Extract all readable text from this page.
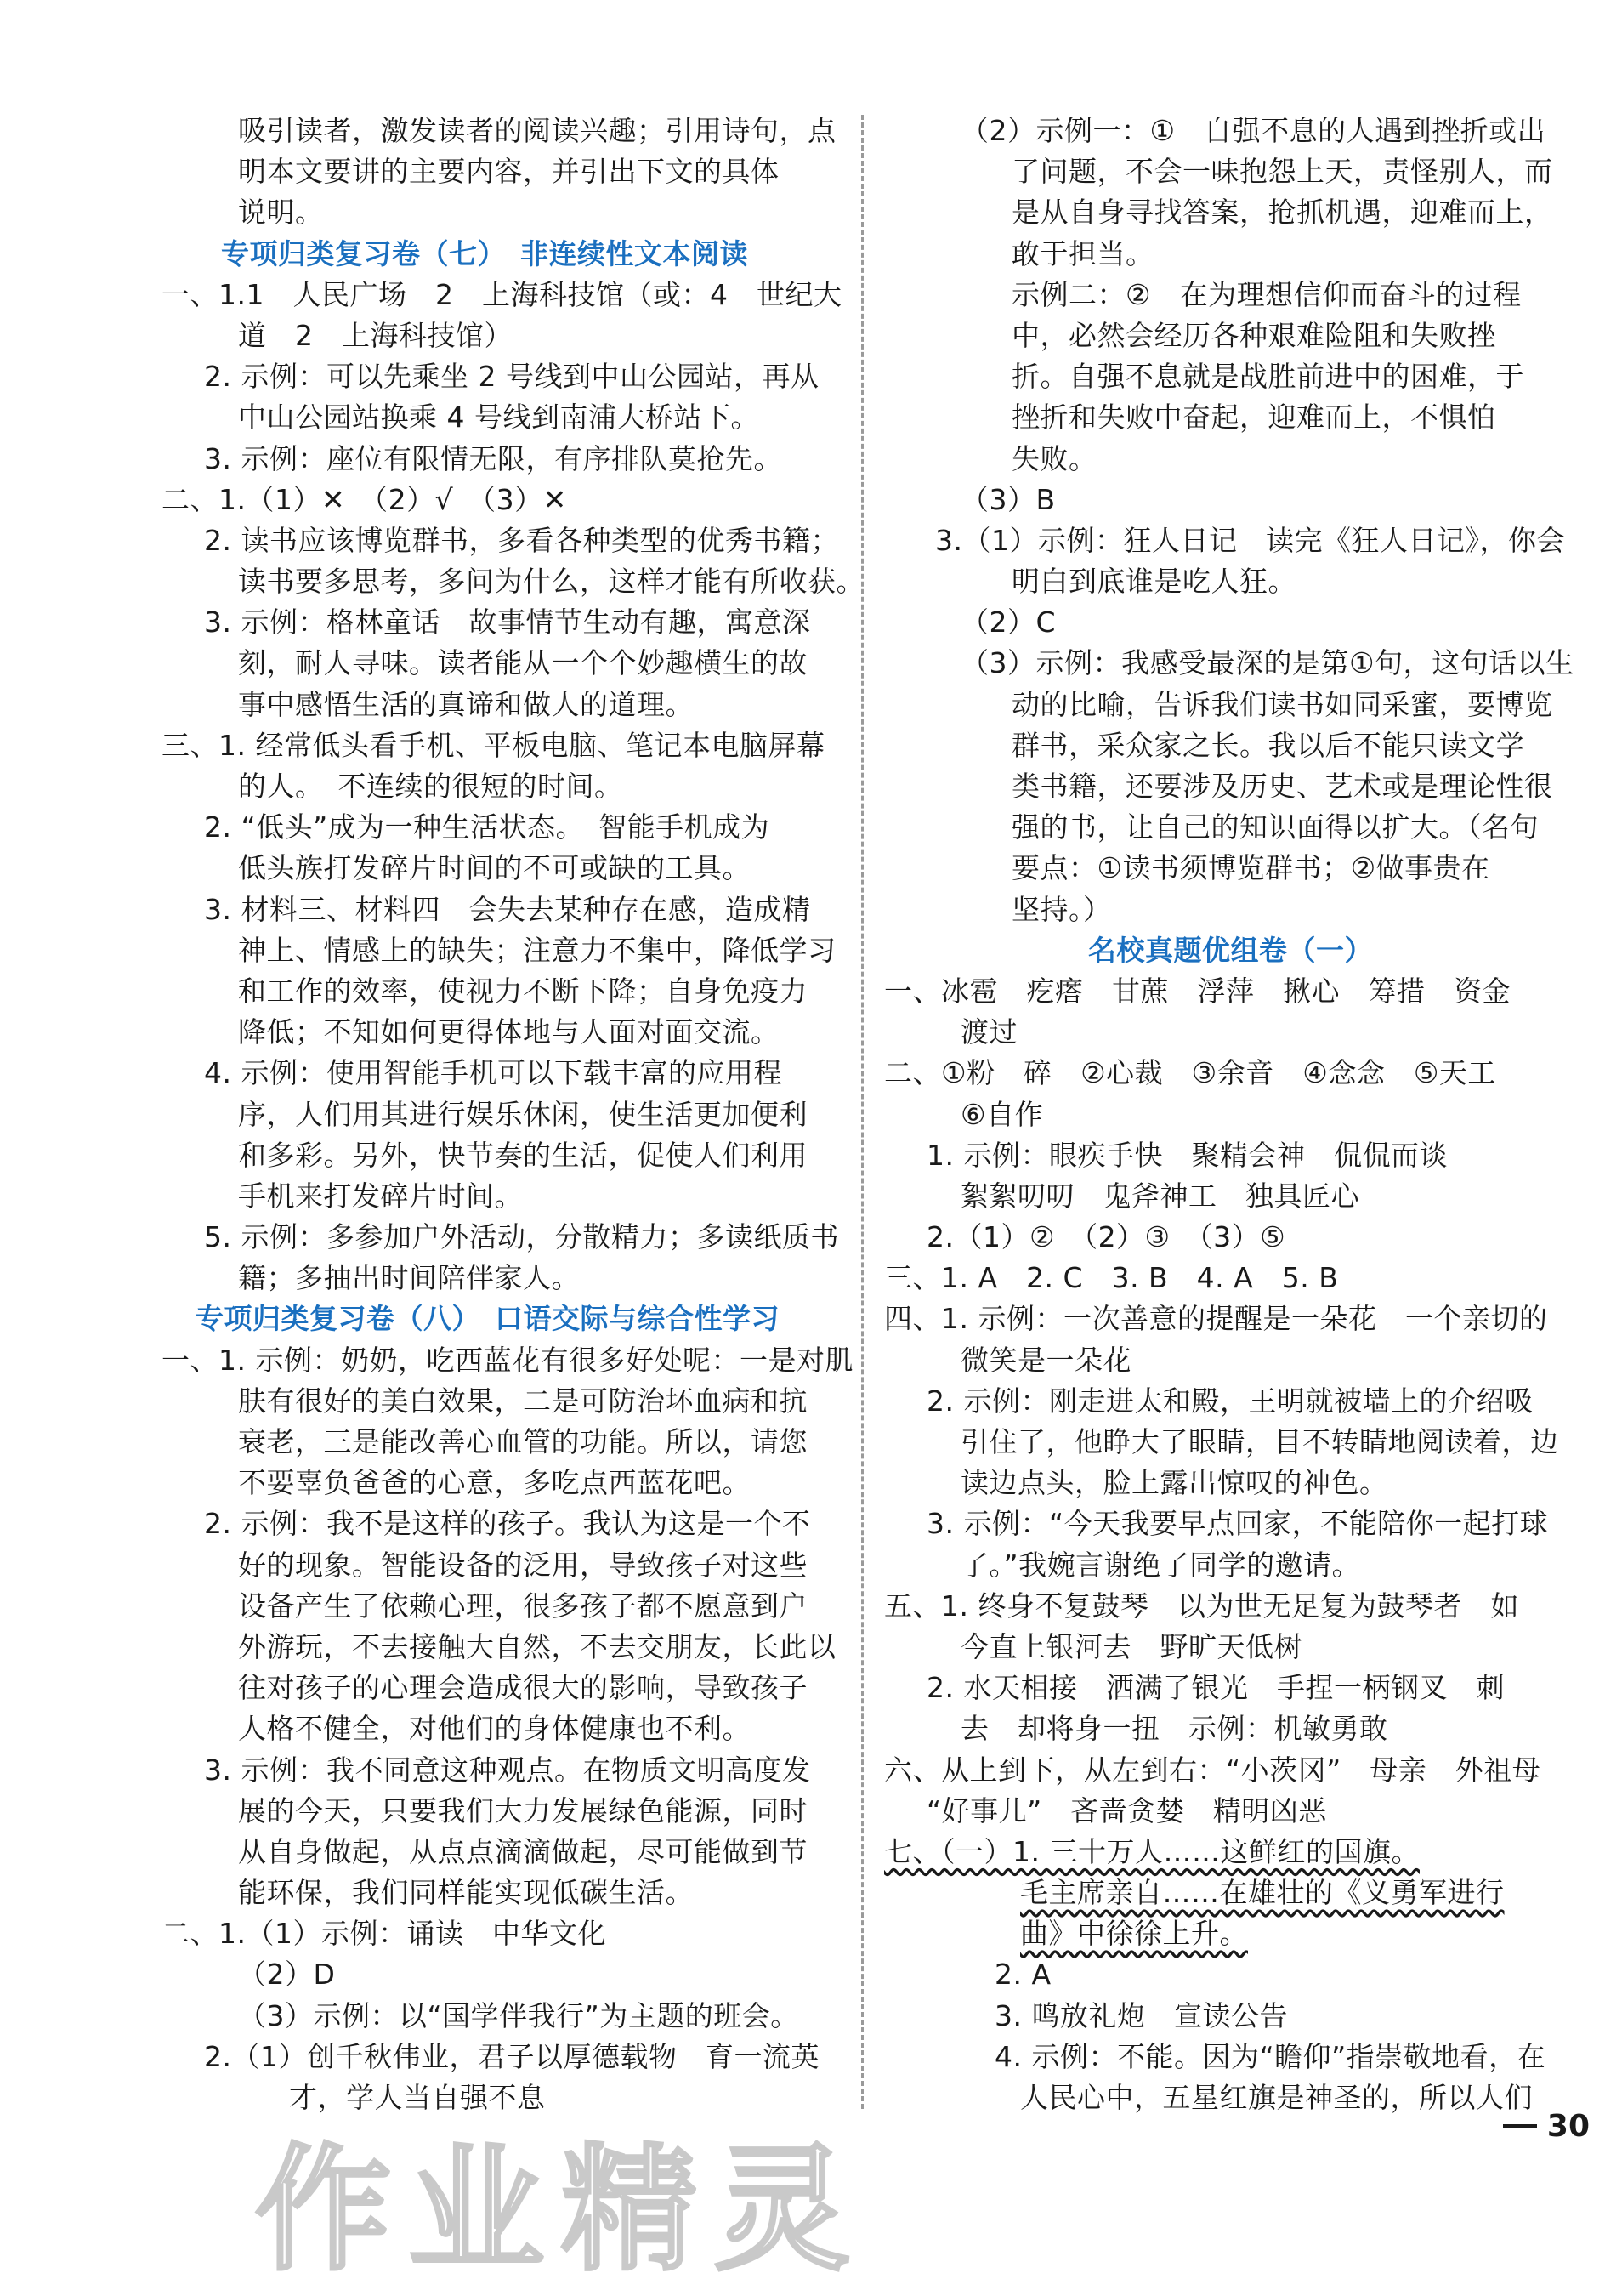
吸引读者，激发读者的阅读兴趣；引用诗句，点
明本文要讲的主要内容，并引出下文的具体
说明。
专项归类复习卷（七）　非连续性文本阅读
一、1.1　人民广场　2　上海科技馆（或：4　世纪大
道　2　上海科技馆）
2. 示例：可以先乘坐 2 号线到中山公园站，再从
中山公园站换乘 4 号线到南浦大桥站下。
3. 示例：座位有限情无限，有序排队莫抢先。
二、1.（1）✕　（2）√　（3）✕
2. 读书应该博览群书，多看各种类型的优秀书籍；
读书要多思考，多问为什么，这样才能有所收获。
3. 示例：格林童话　故事情节生动有趣，寓意深
刻，耐人寻味。读者能从一个个妙趣横生的故
事中感悟生活的真谛和做人的道理。
三、1. 经常低头看手机、平板电脑、笔记本电脑屏幕
的人。　不连续的很短的时间。
2. “低头”成为一种生活状态。　智能手机成为
低头族打发碎片时间的不可或缺的工具。
3. 材料三、材料四　会失去某种存在感，造成精
神上、情感上的缺失；注意力不集中，降低学习
和工作的效率，使视力不断下降；自身免疫力
降低；不知如何更得体地与人面对面交流。
4. 示例：使用智能手机可以下载丰富的应用程
序，人们用其进行娱乐休闲，使生活更加便利
和多彩。另外，快节奏的生活，促使人们利用
手机来打发碎片时间。
5. 示例：多参加户外活动，分散精力；多读纸质书
籍；多抽出时间陪伴家人。
专项归类复习卷（八）　口语交际与综合性学习
一、1. 示例：奶奶，吃西蓝花有很多好处呢：一是对肌
肤有很好的美白效果，二是可防治坏血病和抗
衰老，三是能改善心血管的功能。所以，请您
不要辜负爸爸的心意，多吃点西蓝花吧。
2. 示例：我不是这样的孩子。我认为这是一个不
好的现象。智能设备的泛用，导致孩子对这些
设备产生了依赖心理，很多孩子都不愿意到户
外游玩，不去接触大自然，不去交朋友，长此以
往对孩子的心理会造成很大的影响，导致孩子
人格不健全，对他们的身体健康也不利。
3. 示例：我不同意这种观点。在物质文明高度发
展的今天，只要我们大力发展绿色能源，同时
从自身做起，从点点滴滴做起，尽可能做到节
能环保，我们同样能实现低碳生活。
二、1.（1）示例：诵读　中华文化
（2）D
（3）示例：以“国学伴我行”为主题的班会。
2.（1）创千秋伟业，君子以厚德载物　育一流英
才，学人当自强不息
（2）示例一：①　自强不息的人遇到挫折或出
了问题，不会一味抱怨上天，责怪别人，而
是从自身寻找答案，抢抓机遇，迎难而上，
敢于担当。
示例二：②　在为理想信仰而奋斗的过程
中，必然会经历各种艰难险阻和失败挫
折。自强不息就是战胜前进中的困难，于
挫折和失败中奋起，迎难而上，不惧怕
失败。
（3）B
3.（1）示例：狂人日记　读完《狂人日记》，你会
明白到底谁是吃人狂。
（2）C
（3）示例：我感受最深的是第①句，这句话以生
动的比喻，告诉我们读书如同采蜜，要博览
群书，采众家之长。我以后不能只读文学
类书籍，还要涉及历史、艺术或是理论性很
强的书，让自己的知识面得以扩大。（名句
要点：①读书须博览群书；②做事贵在
坚持。）
名校真题优组卷（一）
一、冰雹　疙瘩　甘蔗　浮萍　揪心　筹措　资金
渡过
二、①粉　碎　②心裁　③余音　④念念　⑤天工
⑥自作
1. 示例：眼疾手快　聚精会神　侃侃而谈
絮絮叨叨　鬼斧神工　独具匠心
2.（1）②　（2）③　（3）⑤
三、1. A　2. C　3. B　4. A　5. B
四、1. 示例：一次善意的提醒是一朵花　一个亲切的
微笑是一朵花
2. 示例：刚走进太和殿，王明就被墙上的介绍吸
引住了，他睁大了眼睛，目不转睛地阅读着，边
读边点头，脸上露出惊叹的神色。
3. 示例：“今天我要早点回家，不能陪你一起打球
了。”我婉言谢绝了同学的邀请。
五、1. 终身不复鼓琴　以为世无足复为鼓琴者　如
今直上银河去　野旷天低树
2. 水天相接　洒满了银光　手捏一柄钢叉　刺
去　却将身一扭　示例：机敏勇敢
六、从上到下，从左到右：“小茨冈”　母亲　外祖母
“好事儿”　吝啬贪婪　精明凶恶
七、（一）1. 三十万人……这鲜红的国旗。
毛主席亲自……在雄壮的《义勇军进行
曲》中徐徐上升。
2. A
3. 鸣放礼炮　宣读公告
4. 示例：不能。因为“瞻仰”指崇敬地看，在
人民心中，五星红旗是神圣的，所以人们
作业精灵
30
